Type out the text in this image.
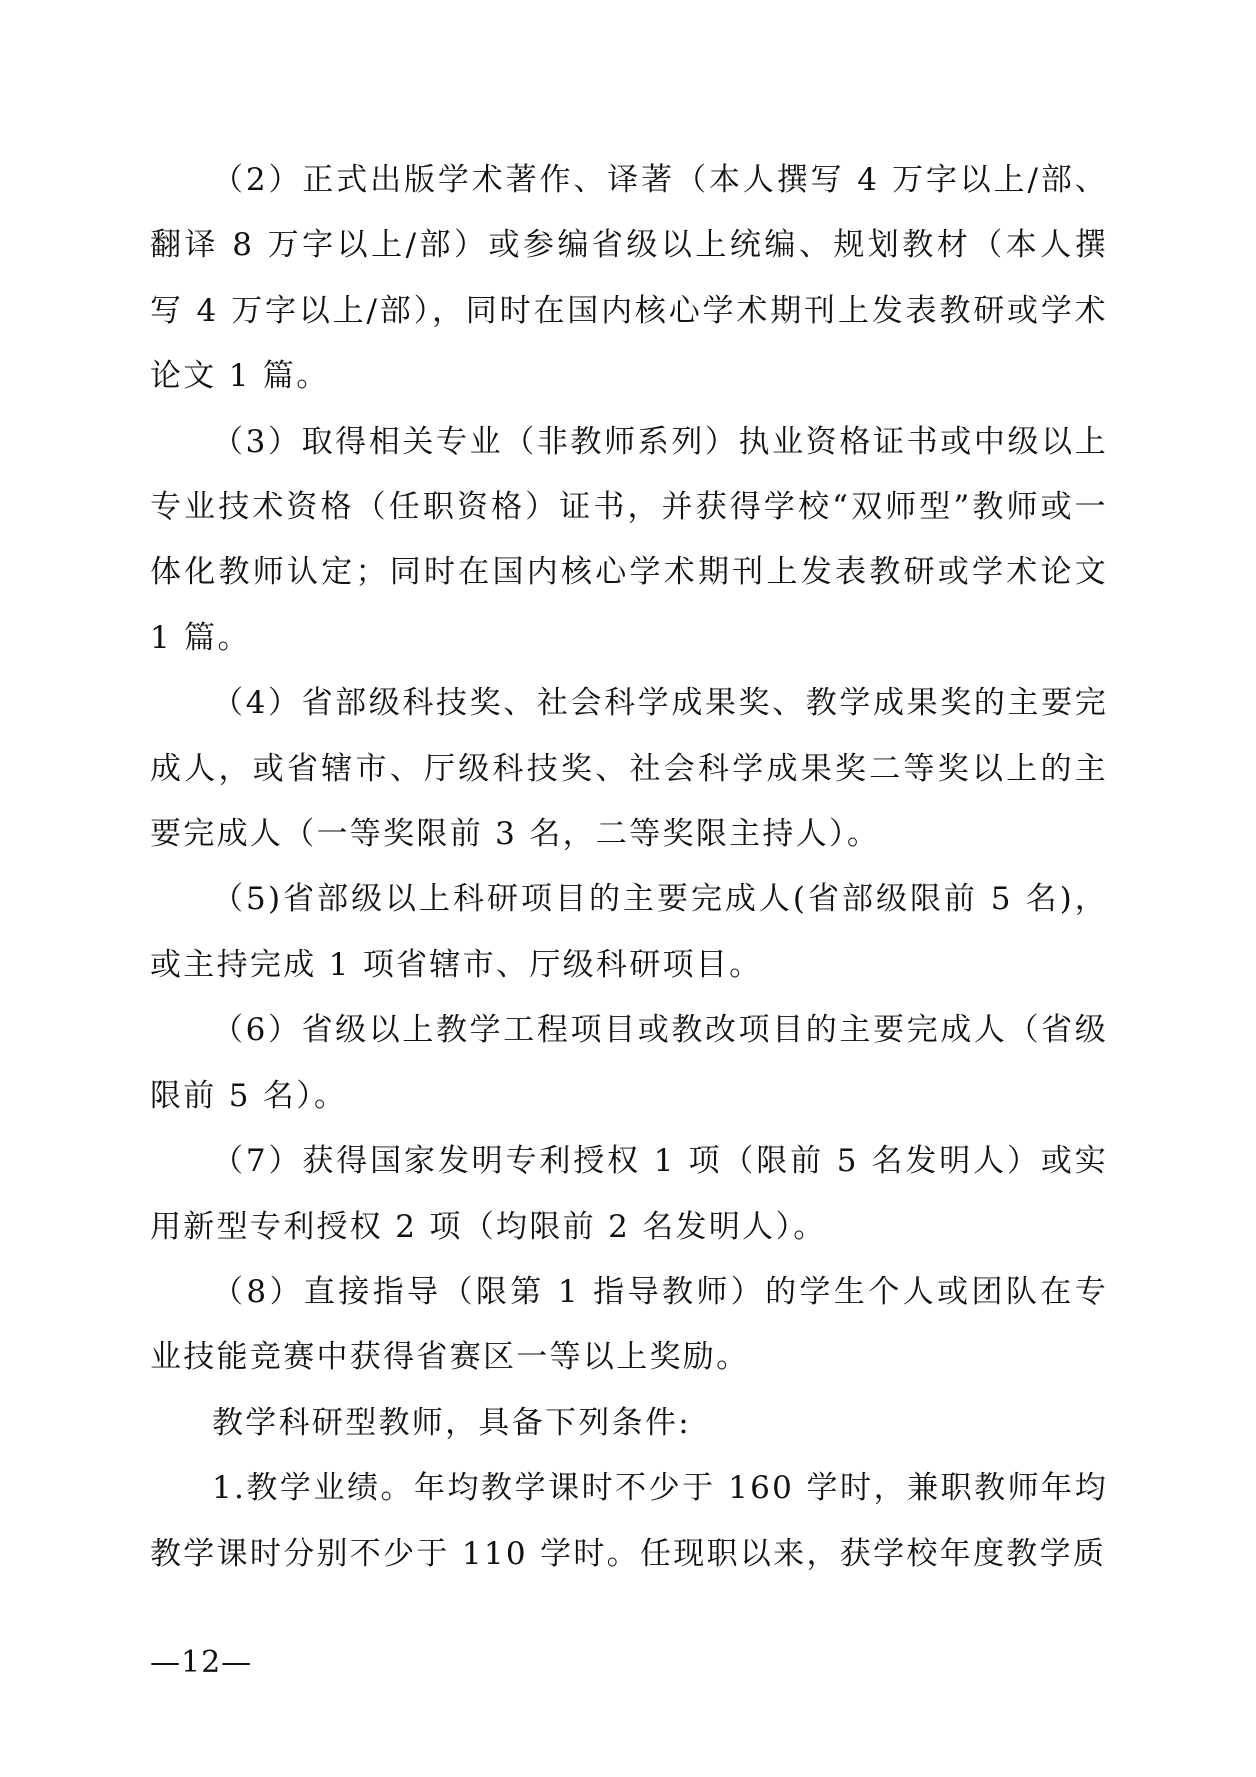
（2）正式出版学术著作、译著（本人撰写 4 万字以上/部、翻译 8 万字以上/部）或参编省级以上统编、规划教材（本人撰写 4 万字以上/部），同时在国内核心学术期刊上发表教研或学术论文 1 篇。

（3）取得相关专业（非教师系列）执业资格证书或中级以上专业技术资格（任职资格）证书，并获得学校“双师型”教师或一体化教师认定；同时在国内核心学术期刊上发表教研或学术论文 1 篇。

（4）省部级科技奖、社会科学成果奖、教学成果奖的主要完成人，或省辖市、厅级科技奖、社会科学成果奖二等奖以上的主要完成人（一等奖限前 3 名，二等奖限主持人）。

（5)省部级以上科研项目的主要完成人(省部级限前 5 名)，或主持完成 1 项省辖市、厅级科研项目。

（6）省级以上教学工程项目或教改项目的主要完成人（省级限前 5 名）。

（7）获得国家发明专利授权 1 项（限前 5 名发明人）或实用新型专利授权 2 项（均限前 2 名发明人）。

（8）直接指导（限第 1 指导教师）的学生个人或团队在专业技能竞赛中获得省赛区一等以上奖励。

教学科研型教师，具备下列条件:

1.教学业绩。年均教学课时不少于 160 学时，兼职教师年均教学课时分别不少于 110 学时。任现职以来，获学校年度教学质

—12—
